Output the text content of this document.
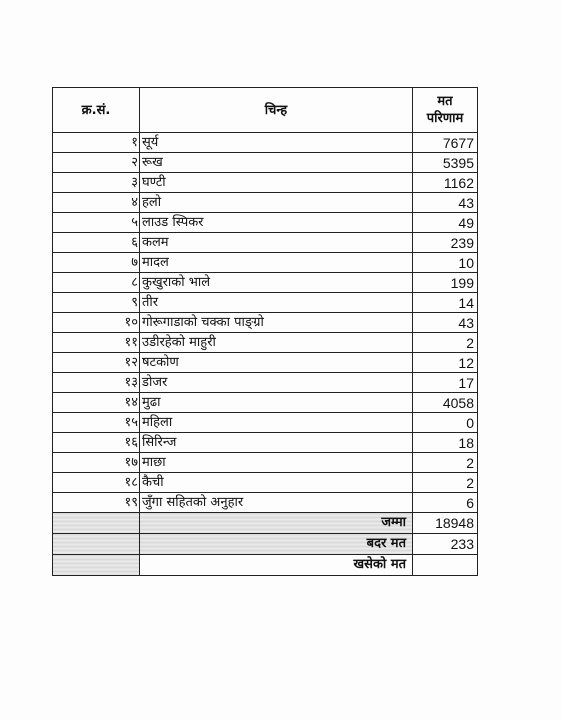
क्र.सं.	चिन्ह	मत
परिणाम
१	सूर्य	7677
२	रूख	5395
३	घण्टी	1162
४	हलो	43
५	लाउड स्पिकर	49
६	कलम	239
७	मादल	10
८	कुखुराको भाले	199
९	तीर	14
१०	गोरूगाडाको चक्का पाङ्ग्रो	43
११	उडीरहेको माहुरी	2
१२	षटकोण	12
१३	डोजर	17
१४	मुढा	4058
१५	महिला	0
१६	सिरिन्ज	18
१७	माछा	2
१८	कैची	2
१९	जुँगा सहितको अनुहार	6
	जम्मा	18948
	बदर मत	233
	खसेको मत	
